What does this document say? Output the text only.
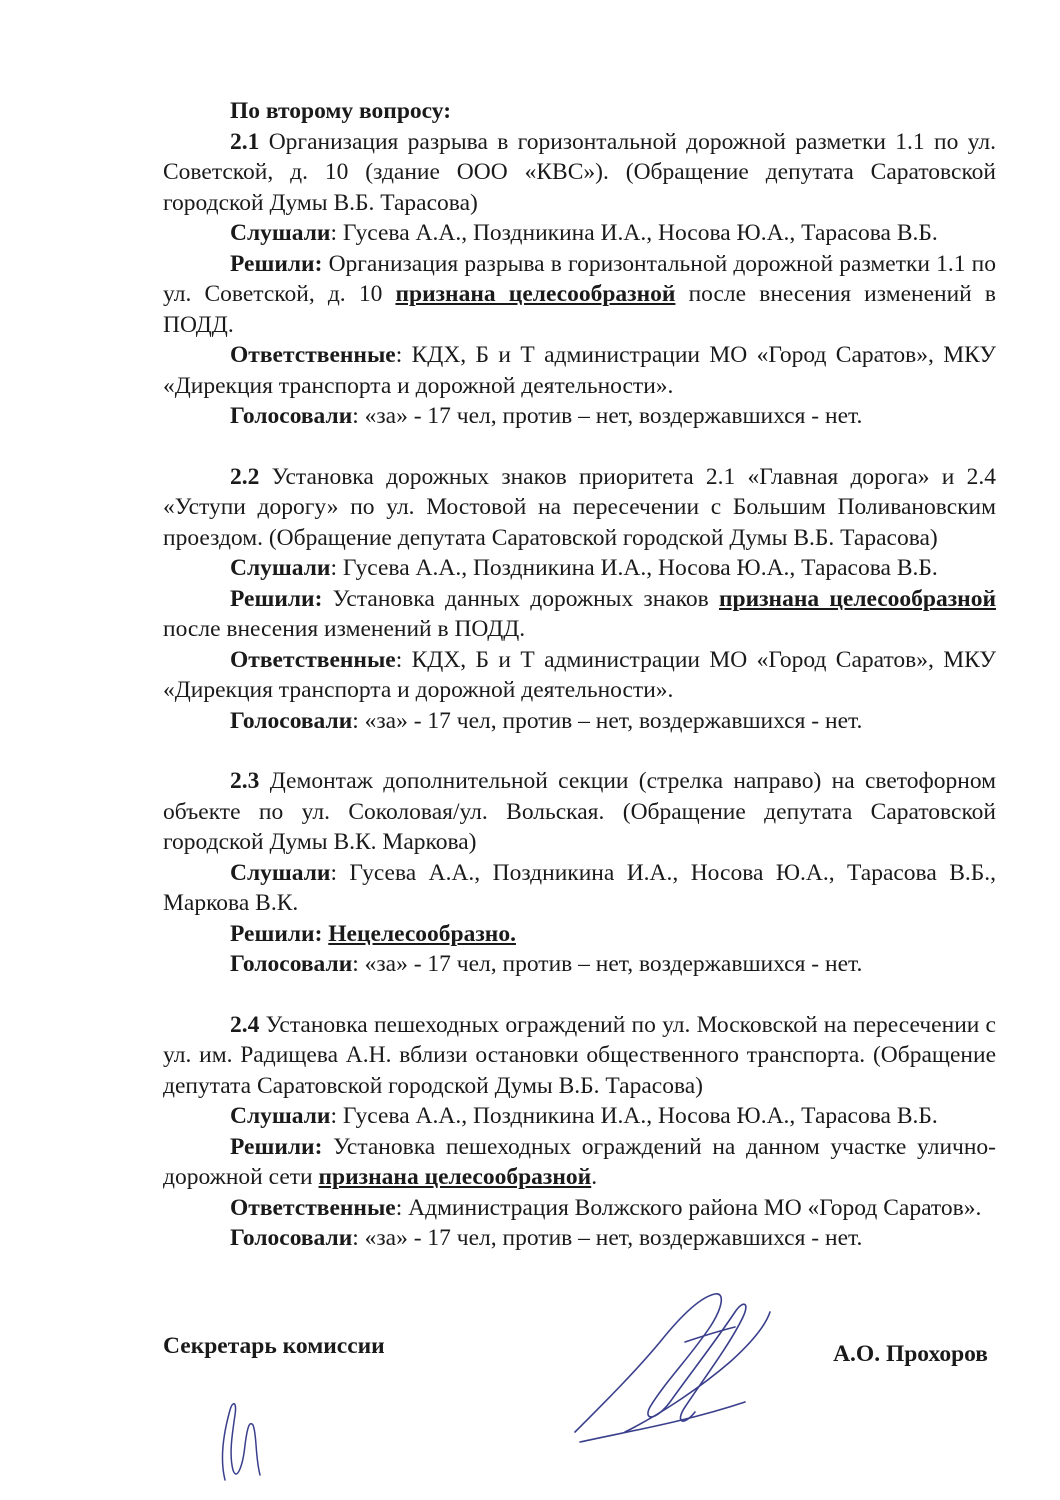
По второму вопросу:

2.1 Организация разрыва в горизонтальной дорожной разметки 1.1 по ул. Советской, д. 10 (здание ООО «КВС»). (Обращение депутата Саратовской городской Думы В.Б. Тарасова)

Слушали: Гусева А.А., Поздникина И.А., Носова Ю.А., Тарасова В.Б.

Решили: Организация разрыва в горизонтальной дорожной разметки 1.1 по ул. Советской, д. 10 признана целесообразной после внесения изменений в ПОДД.

Ответственные: КДХ, Б и Т администрации МО «Город Саратов», МКУ «Дирекция транспорта и дорожной деятельности».

Голосовали: «за» - 17 чел, против – нет, воздержавшихся - нет.

2.2 Установка дорожных знаков приоритета 2.1 «Главная дорога» и 2.4 «Уступи дорогу» по ул. Мостовой на пересечении с Большим Поливановским проездом. (Обращение депутата Саратовской городской Думы В.Б. Тарасова)

Слушали: Гусева А.А., Поздникина И.А., Носова Ю.А., Тарасова В.Б.

Решили: Установка данных дорожных знаков признана целесообразной после внесения изменений в ПОДД.

Ответственные: КДХ, Б и Т администрации МО «Город Саратов», МКУ «Дирекция транспорта и дорожной деятельности».

Голосовали: «за» - 17 чел, против – нет, воздержавшихся - нет.

2.3 Демонтаж дополнительной секции (стрелка направо) на светофорном объекте по ул. Соколовая/ул. Вольская. (Обращение депутата Саратовской городской Думы В.К. Маркова)

Слушали: Гусева А.А., Поздникина И.А., Носова Ю.А., Тарасова В.Б., Маркова В.К.

Решили: Нецелесообразно.

Голосовали: «за» - 17 чел, против – нет, воздержавшихся - нет.

2.4 Установка пешеходных ограждений по ул. Московской на пересечении с ул. им. Радищева А.Н. вблизи остановки общественного транспорта. (Обращение депутата Саратовской городской Думы В.Б. Тарасова)

Слушали: Гусева А.А., Поздникина И.А., Носова Ю.А., Тарасова В.Б.

Решили: Установка пешеходных ограждений на данном участке улично-дорожной сети признана целесообразной.

Ответственные: Администрация Волжского района МО «Город Саратов».

Голосовали: «за» - 17 чел, против – нет, воздержавшихся - нет.

Секретарь комиссии	А.О. Прохоров
